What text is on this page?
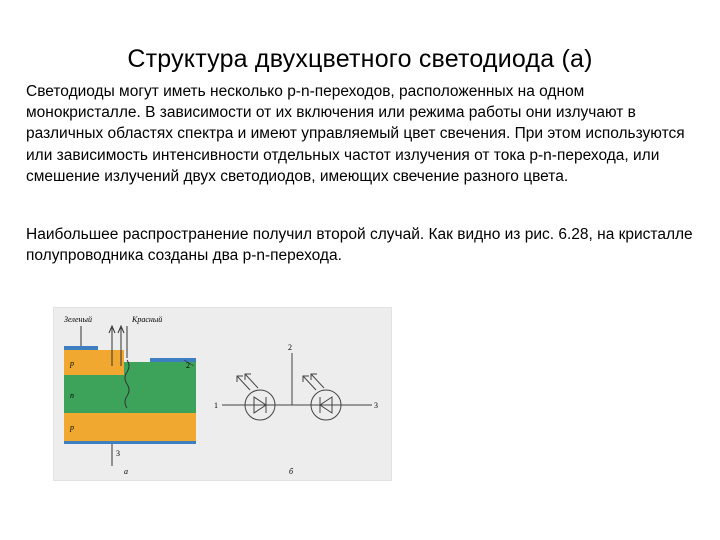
Структура двухцветного светодиода (а)

Светодиоды могут иметь несколько p-n-переходов, расположенных на одном монокристалле. В зависимости от их включения или режима работы они излучают в различных областях спектра и имеют управляемый цвет свечения. При этом используются или зависимость интенсивности отдельных частот излучения от тока p-n-перехода, или смешение излучений двух светодиодов, имеющих свечение разного цвета.

Наибольшее распространение получил второй случай. Как видно из рис. 6.28, на кристалле полупроводника созданы два p-n-перехода.

Зеленый	Красный
p
n
p
2
3
а
2
1	3
б
